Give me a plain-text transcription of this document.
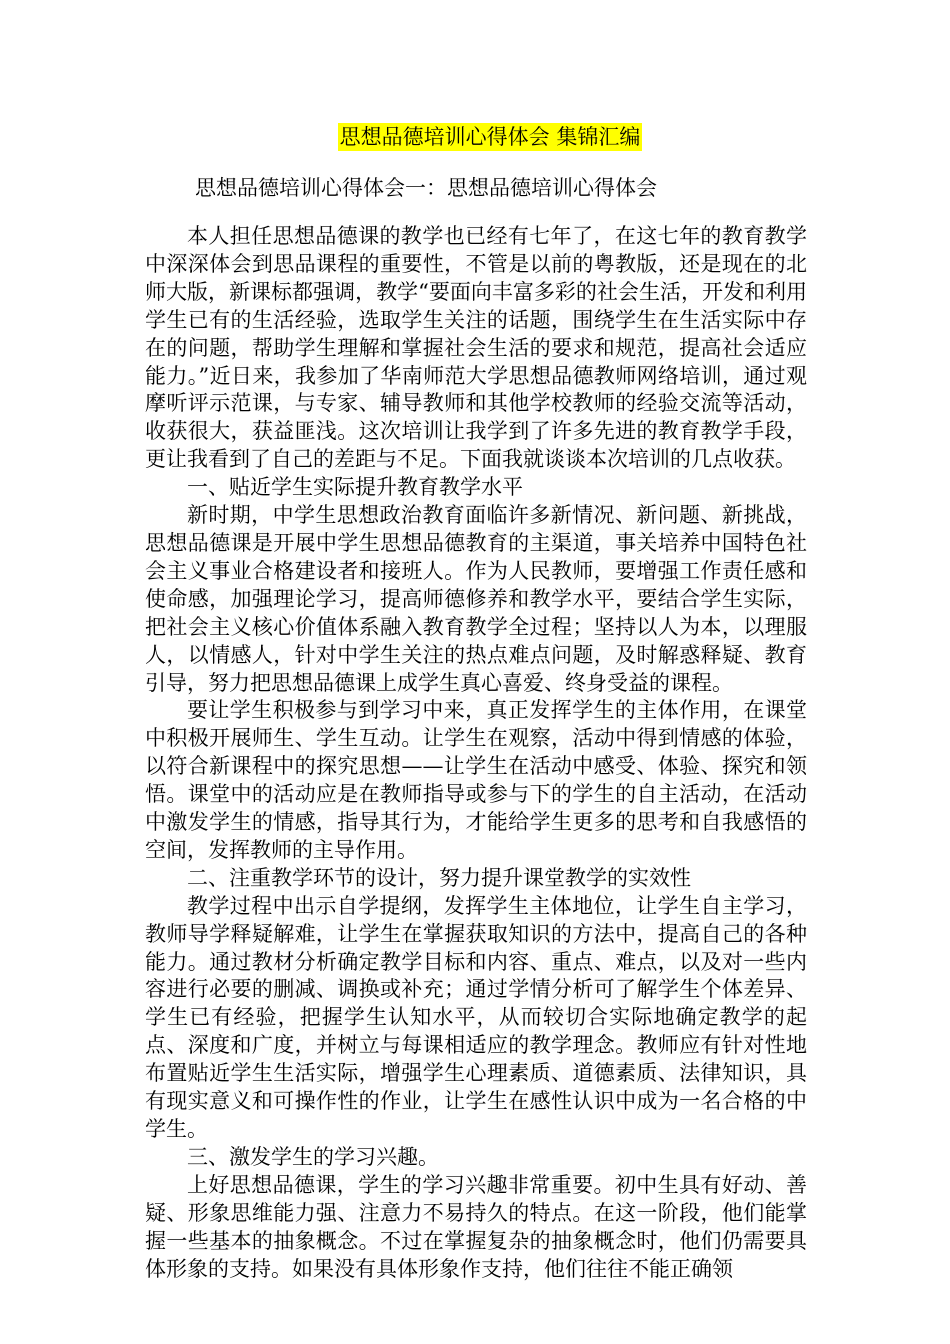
思想品德培训心得体会 集锦汇编
思想品德培训心得体会一：思想品德培训心得体会

本人担任思想品德课的教学也已经有七年了，在这七年的教育教学中深深体会到思品课程的重要性，不管是以前的粤教版，还是现在的北师大版，新课标都强调，教学“要面向丰富多彩的社会生活，开发和利用学生已有的生活经验，选取学生关注的话题，围绕学生在生活实际中存在的问题，帮助学生理解和掌握社会生活的要求和规范，提高社会适应能力。”近日来，我参加了华南师范大学思想品德教师网络培训，通过观摩听评示范课，与专家、辅导教师和其他学校教师的经验交流等活动，收获很大，获益匪浅。这次培训让我学到了许多先进的教育教学手段，更让我看到了自己的差距与不足。下面我就谈谈本次培训的几点收获。

一、贴近学生实际提升教育教学水平

新时期，中学生思想政治教育面临许多新情况、新问题、新挑战，思想品德课是开展中学生思想品德教育的主渠道，事关培养中国特色社会主义事业合格建设者和接班人。作为人民教师，要增强工作责任感和使命感，加强理论学习，提高师德修养和教学水平，要结合学生实际，把社会主义核心价值体系融入教育教学全过程；坚持以人为本，以理服人，以情感人，针对中学生关注的热点难点问题，及时解惑释疑、教育引导，努力把思想品德课上成学生真心喜爱、终身受益的课程。

要让学生积极参与到学习中来，真正发挥学生的主体作用，在课堂中积极开展师生、学生互动。让学生在观察，活动中得到情感的体验，以符合新课程中的探究思想——让学生在活动中感受、体验、探究和领悟。课堂中的活动应是在教师指导或参与下的学生的自主活动，在活动中激发学生的情感，指导其行为，才能给学生更多的思考和自我感悟的空间，发挥教师的主导作用。

二、注重教学环节的设计，努力提升课堂教学的实效性

教学过程中出示自学提纲，发挥学生主体地位，让学生自主学习，教师导学释疑解难，让学生在掌握获取知识的方法中，提高自己的各种能力。通过教材分析确定教学目标和内容、重点、难点，以及对一些内容进行必要的删减、调换或补充；通过学情分析可了解学生个体差异、学生已有经验，把握学生认知水平，从而较切合实际地确定教学的起点、深度和广度，并树立与每课相适应的教学理念。教师应有针对性地布置贴近学生生活实际，增强学生心理素质、道德素质、法律知识，具有现实意义和可操作性的作业，让学生在感性认识中成为一名合格的中学生。

三、激发学生的学习兴趣。

上好思想品德课，学生的学习兴趣非常重要。初中生具有好动、善疑、形象思维能力强、注意力不易持久的特点。在这一阶段，他们能掌握一些基本的抽象概念。不过在掌握复杂的抽象概念时，他们仍需要具体形象的支持。如果没有具体形象作支持，他们往往不能正确领
